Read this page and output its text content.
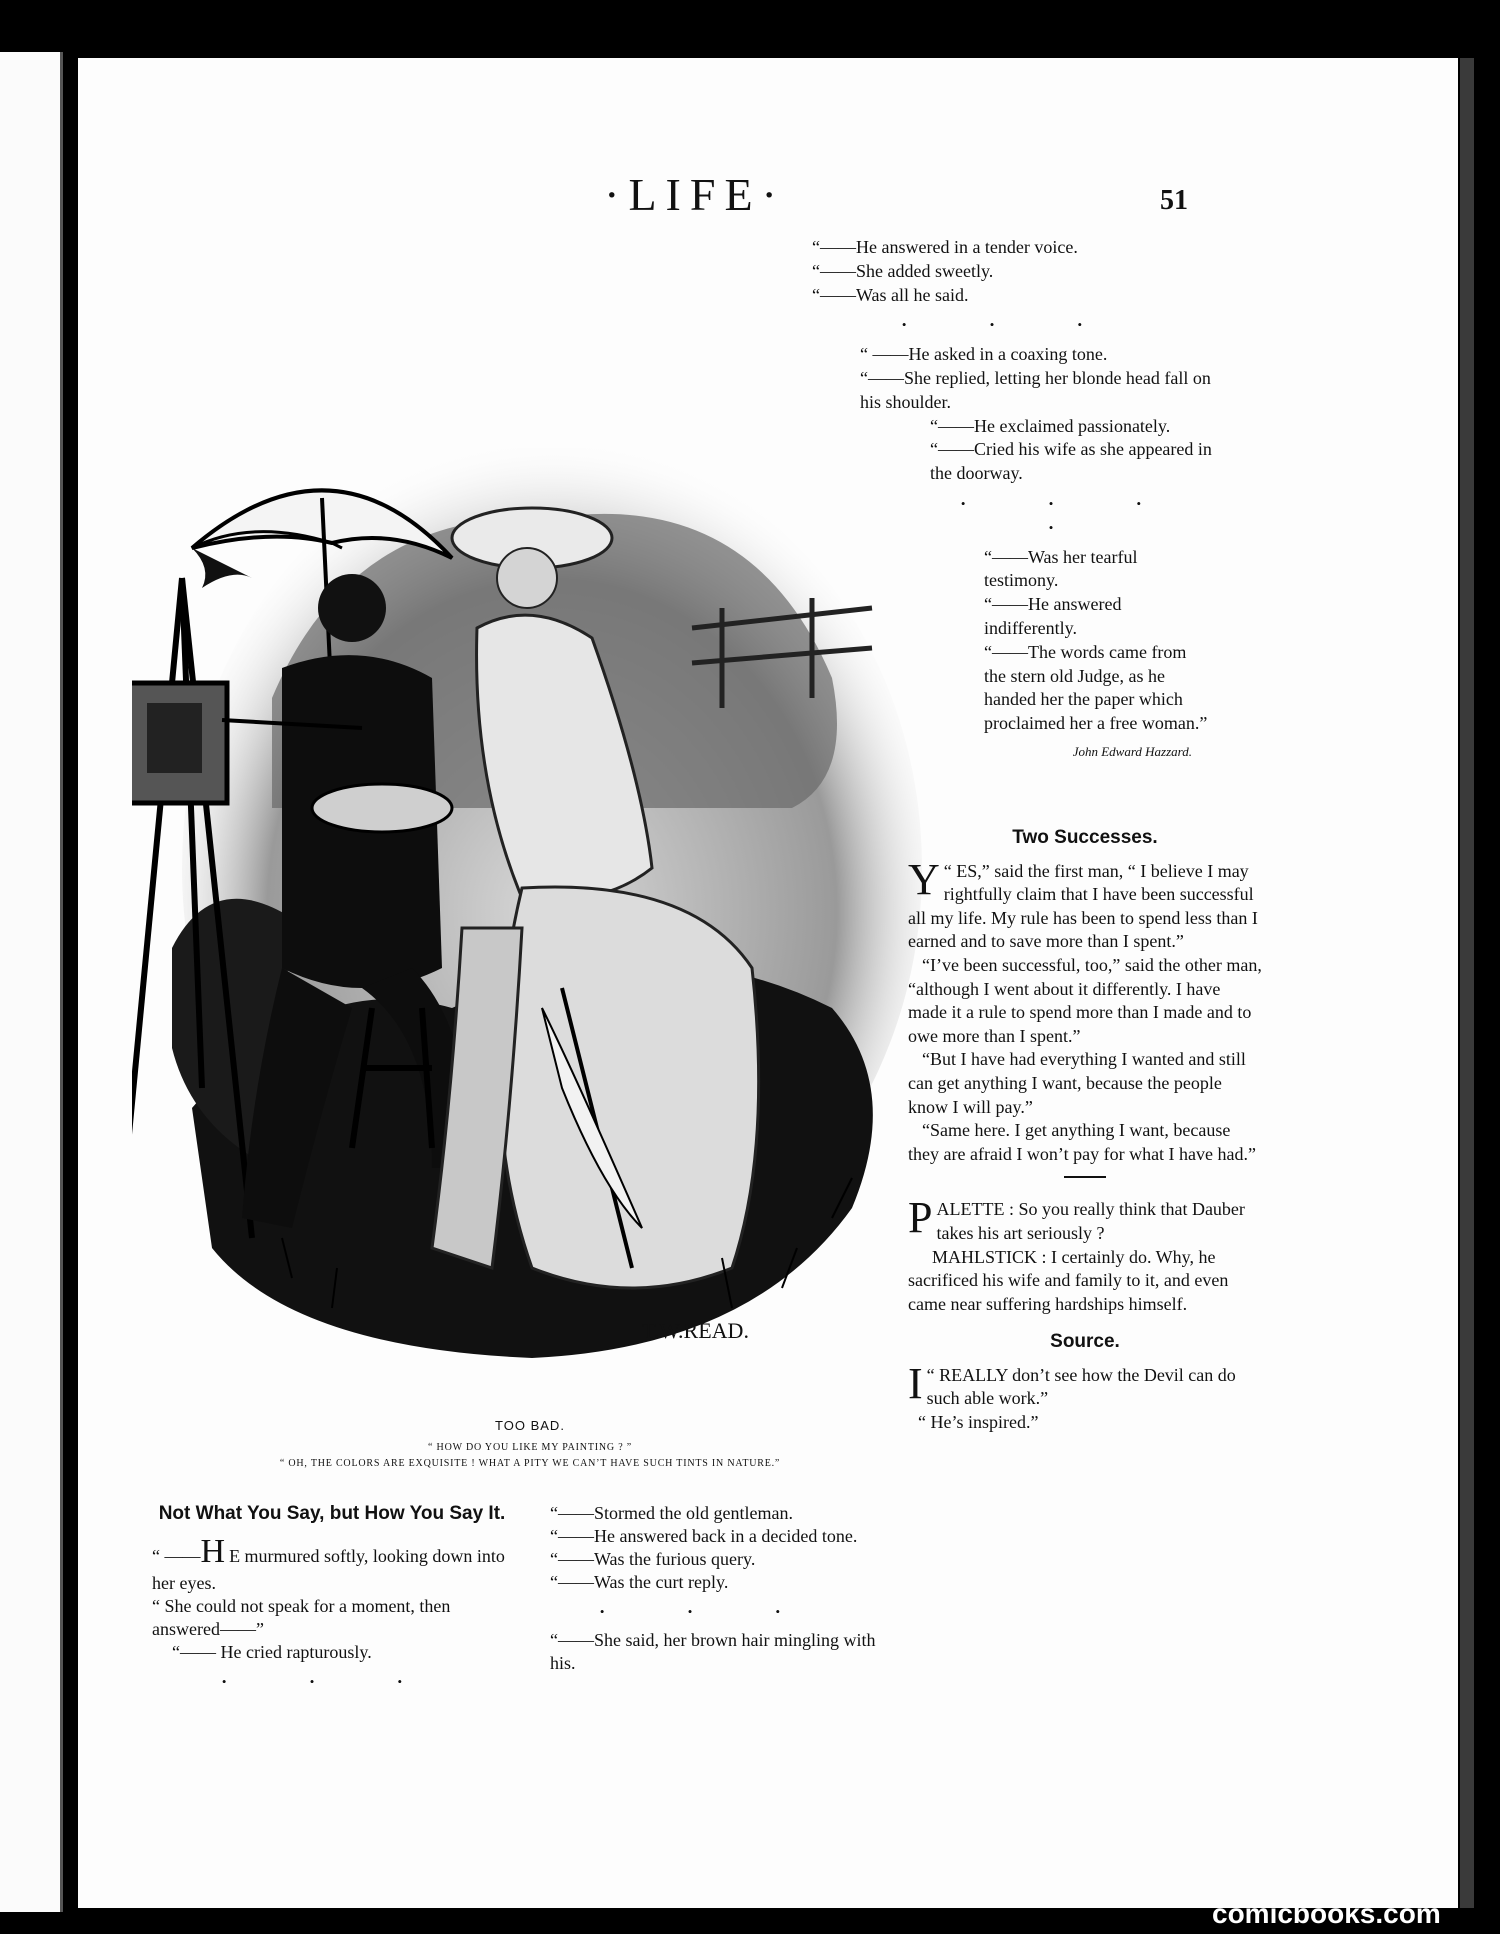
·LIFE·	51

“——He answered in a tender voice.

“——She added sweetly.

“——Was all he said.

• • •

“ ——He asked in a coaxing tone.

“——She replied, letting her blonde head fall on his shoulder.

“——He exclaimed passionately.

“——Cried his wife as she appeared in the doorway.

• • • •

“——Was her tearful testimony.

“——He answered indifferently.

“——The words came from the stern old Judge, as he handed her the paper which proclaimed her a free woman.”

John Edward Hazzard.
T.W.READ.
TOO BAD.
“ HOW DO YOU LIKE MY PAINTING ? ”
“ OH, THE COLORS ARE EXQUISITE ! WHAT A PITY WE CAN’T HAVE SUCH TINTS IN NATURE.”
Not What You Say, but How You Say It.

“ ——H E murmured softly, looking down into her eyes.

“ She could not speak for a moment, then answered——”

“—— He cried rapturously.

• • •

“——Stormed the old gentleman.

“——He answered back in a decided tone.

“——Was the furious query.

“——Was the curt reply.

• • •

“——She said, her brown hair mingling with his.

Two Successes.

“
Y ES,” said the first man, “ I believe I may rightfully claim that I have been successful all my life. My rule has been to spend less than I earned and to save more than I spent.”

“I’ve been successful, too,” said the other man, “although I went about it differently. I have made it a rule to spend more than I made and to owe more than I spent.”

“But I have had everything I wanted and still can get anything I want, because the people know I will pay.”

“Same here. I get anything I want, because they are afraid I won’t pay for what I have had.”

PALETTE : So you really think that Dauber takes his art seriously ?

MAHLSTICK : I certainly do. Why, he sacrificed his wife and family to it, and even came near suffering hardships himself.

Source.

“
I REALLY don’t see how the Devil can do such able work.”

“ He’s inspired.”

comicbooks.com
